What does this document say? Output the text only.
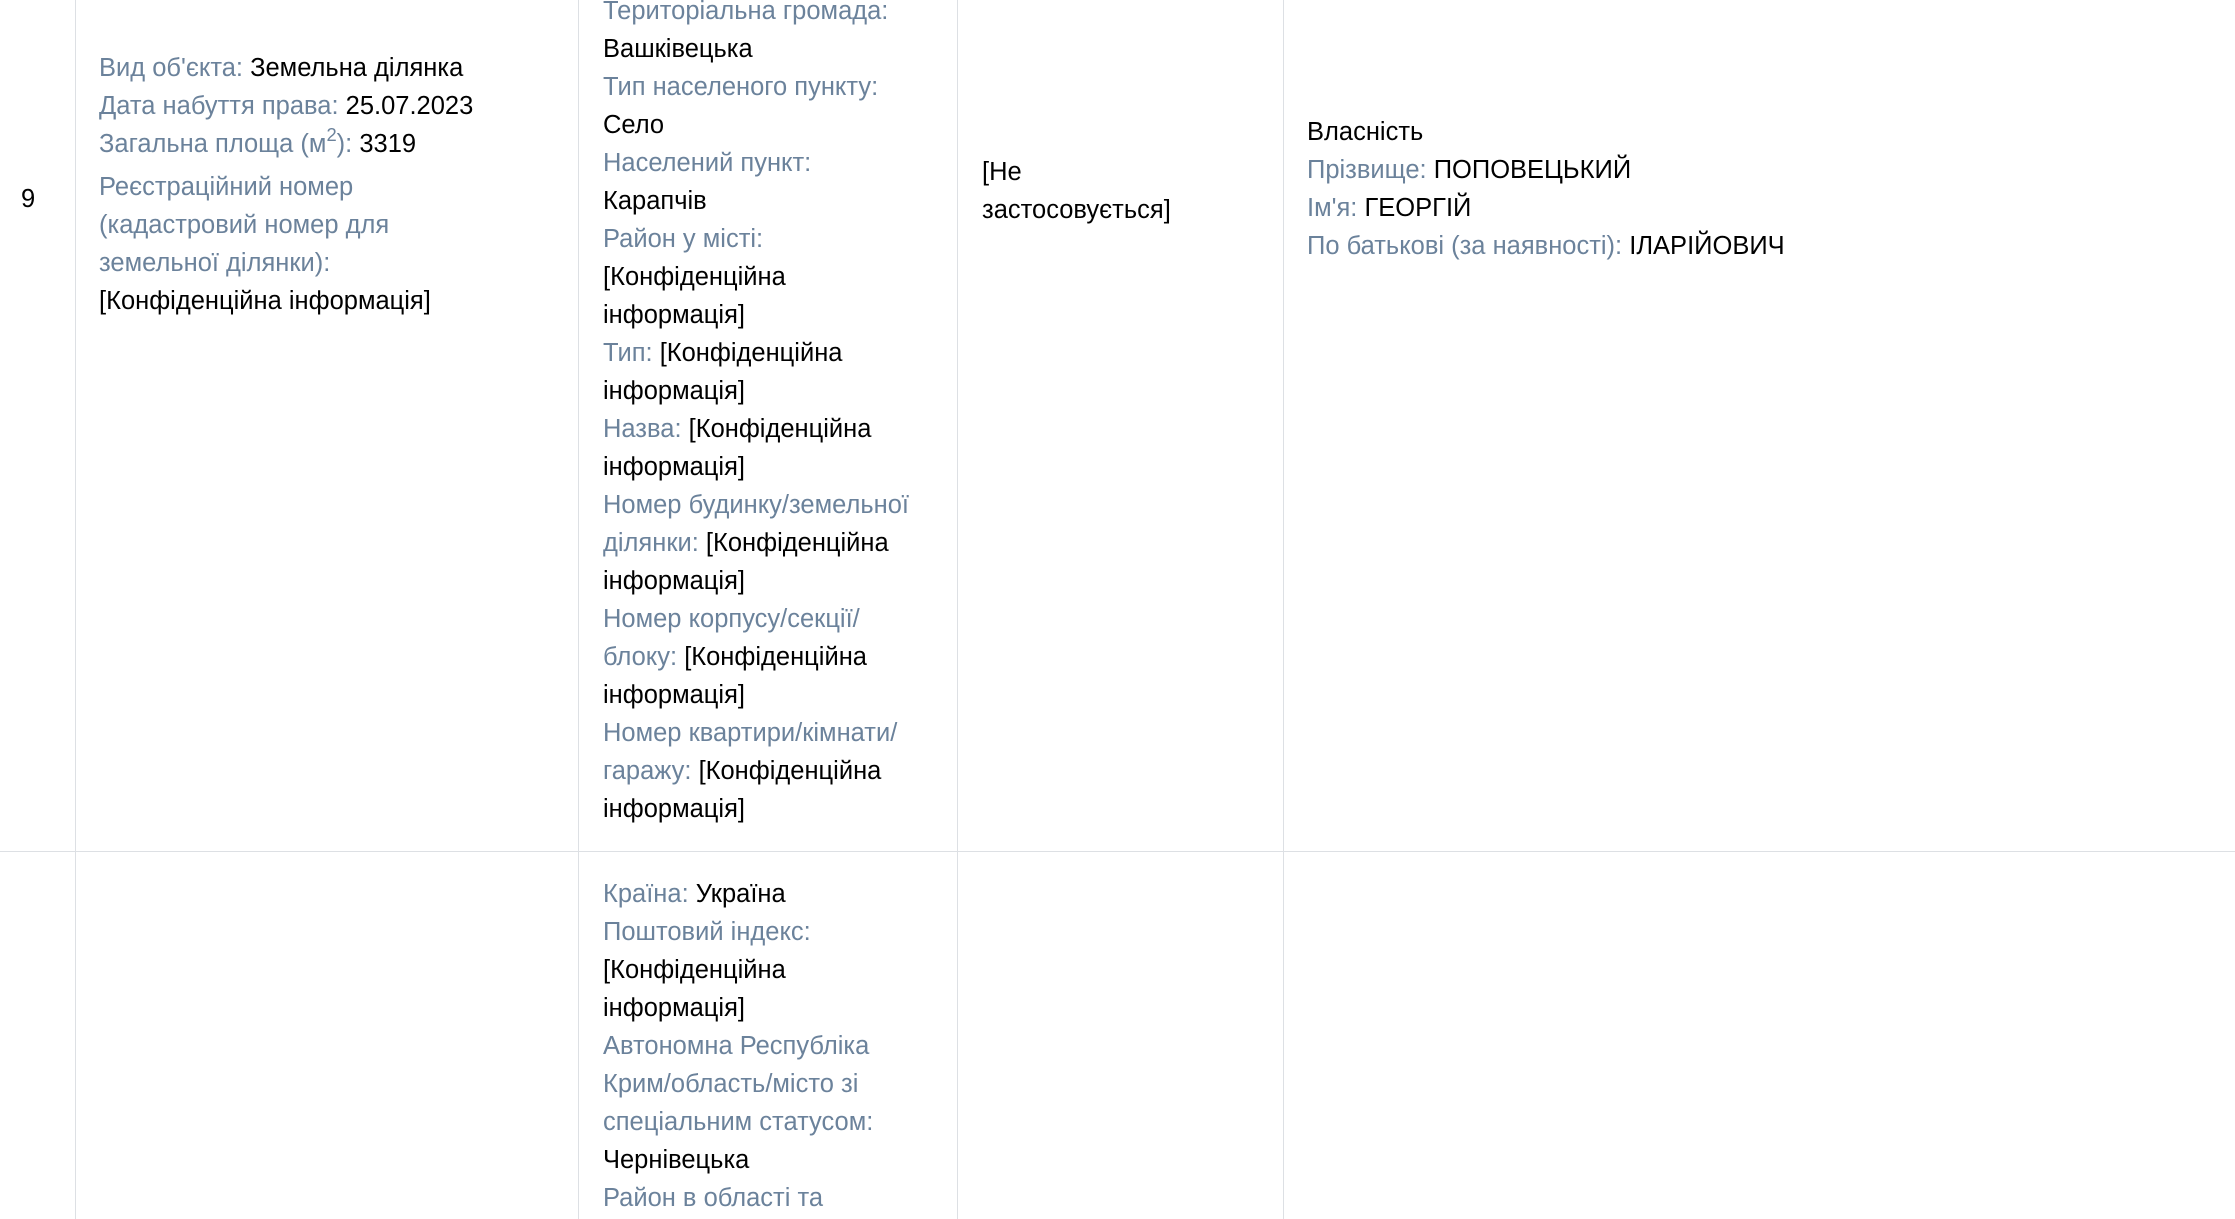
9
Вид об'єкта: Земельна ділянка
Дата набуття права: 25.07.2023
Загальна площа $(м^2)$: 3319
Реєстраційний номер
(кадастровий номер для
земельної ділянки):
[Конфіденційна інформація]
Територіальна громада:
Вашківецька
Тип населеного пункту:
Село
Населений пункт:
Карапчів
Район у місті:
[Конфіденційна
інформація]
Тип: [Конфіденційна
інформація]
Назва: [Конфіденційна
інформація]
Номер будинку/земельної
ділянки: [Конфіденційна
інформація]
Номер корпусу/секції/
блоку: [Конфіденційна
інформація]
Номер квартири/кімнати/
гаражу: [Конфіденційна
інформація]
[Не
застосовується]
Власність
Прізвище: ПОПОВЕЦЬКИЙ
Ім'я: ГЕОРГІЙ
По батькові (за наявності): ІЛАРІЙОВИЧ
Країна: Україна
Поштовий індекс:
[Конфіденційна
інформація]
Автономна Республіка
Крим/область/місто зі
спеціальним статусом:
Чернівецька
Район в області та
